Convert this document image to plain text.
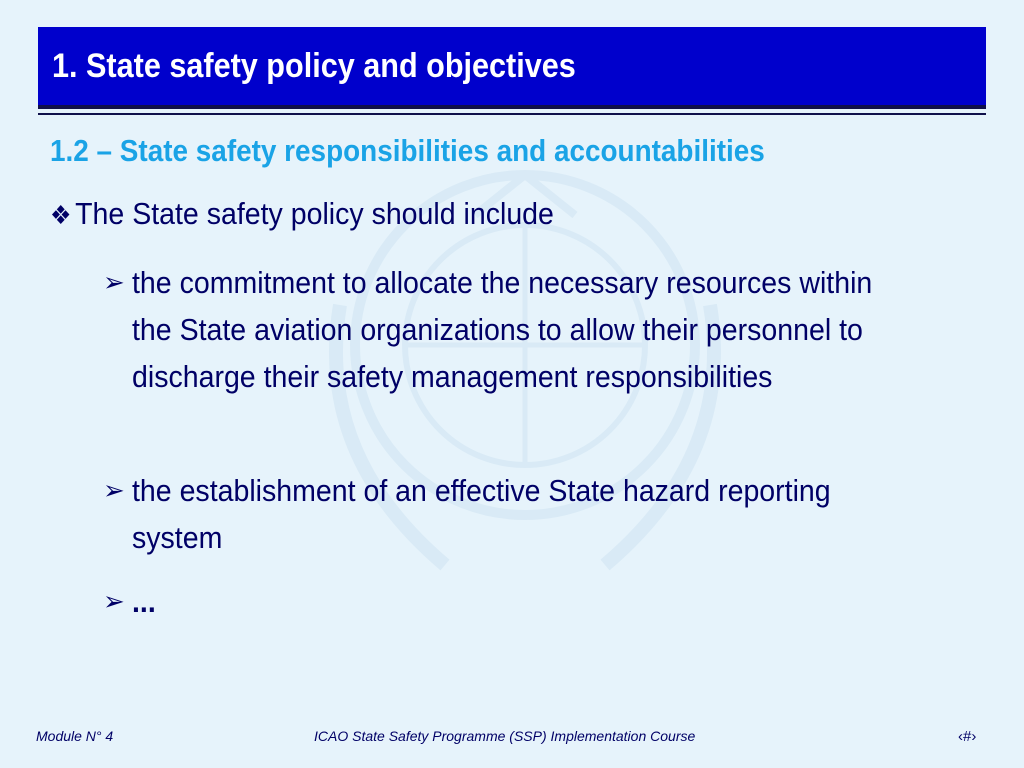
1. State safety policy and objectives
1.2 – State safety responsibilities and accountabilities
❖ The State safety policy should include
➢ the commitment to allocate the necessary resources within the State aviation organizations to allow their personnel to discharge their safety management responsibilities
➢ the establishment of an effective State hazard reporting system
➢ ...
Module N° 4	ICAO State Safety Programme (SSP) Implementation Course	‹#›
